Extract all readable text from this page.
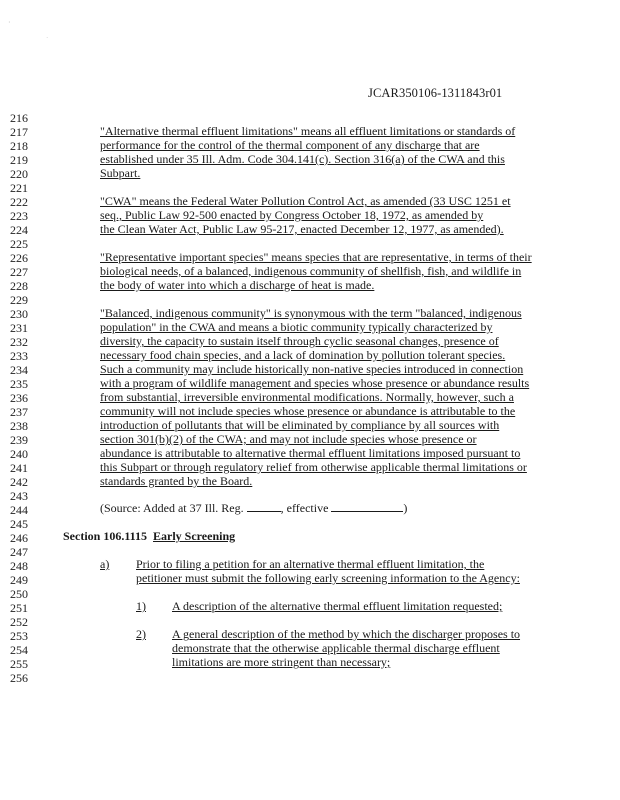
·
·
JCAR350106-1311843r01
216
217
218
219
220
221
222
223
224
225
226
227
228
229
230
231
232
233
234
235
236
237
238
239
240
241
242
243
244
245
246
247
248
249
250
251
252
253
254
255
256
"Alternative thermal effluent limitations" means all effluent limitations or standards of
performance for the control of the thermal component of any discharge that are
established under 35 Ill. Adm. Code 304.141(c). Section 316(a) of the CWA and this
Subpart.
"CWA" means the Federal Water Pollution Control Act, as amended (33 USC 1251 et
seq., Public Law 92-500 enacted by Congress October 18, 1972, as amended by
the Clean Water Act, Public Law 95-217, enacted December 12, 1977, as amended).
"Representative important species" means species that are representative, in terms of their
biological needs, of a balanced, indigenous community of shellfish, fish, and wildlife in
the body of water into which a discharge of heat is made.
"Balanced, indigenous community" is synonymous with the term "balanced, indigenous
population" in the CWA and means a biotic community typically characterized by
diversity, the capacity to sustain itself through cyclic seasonal changes, presence of
necessary food chain species, and a lack of domination by pollution tolerant species.
Such a community may include historically non-native species introduced in connection
with a program of wildlife management and species whose presence or abundance results
from substantial, irreversible environmental modifications. Normally, however, such a
community will not include species whose presence or abundance is attributable to the
introduction of pollutants that will be eliminated by compliance by all sources with
section 301(b)(2) of the CWA; and may not include species whose presence or
abundance is attributable to alternative thermal effluent limitations imposed pursuant to
this Subpart or through regulatory relief from otherwise applicable thermal limitations or
standards granted by the Board.
(Source: Added at 37 Ill. Reg.	, effective	)
Section 106.1115 Early Screening
a) Prior to filing a petition for an alternative thermal effluent limitation, the
petitioner must submit the following early screening information to the Agency:
1) A description of the alternative thermal effluent limitation requested;
2) A general description of the method by which the discharger proposes to
demonstrate that the otherwise applicable thermal discharge effluent
limitations are more stringent than necessary;
